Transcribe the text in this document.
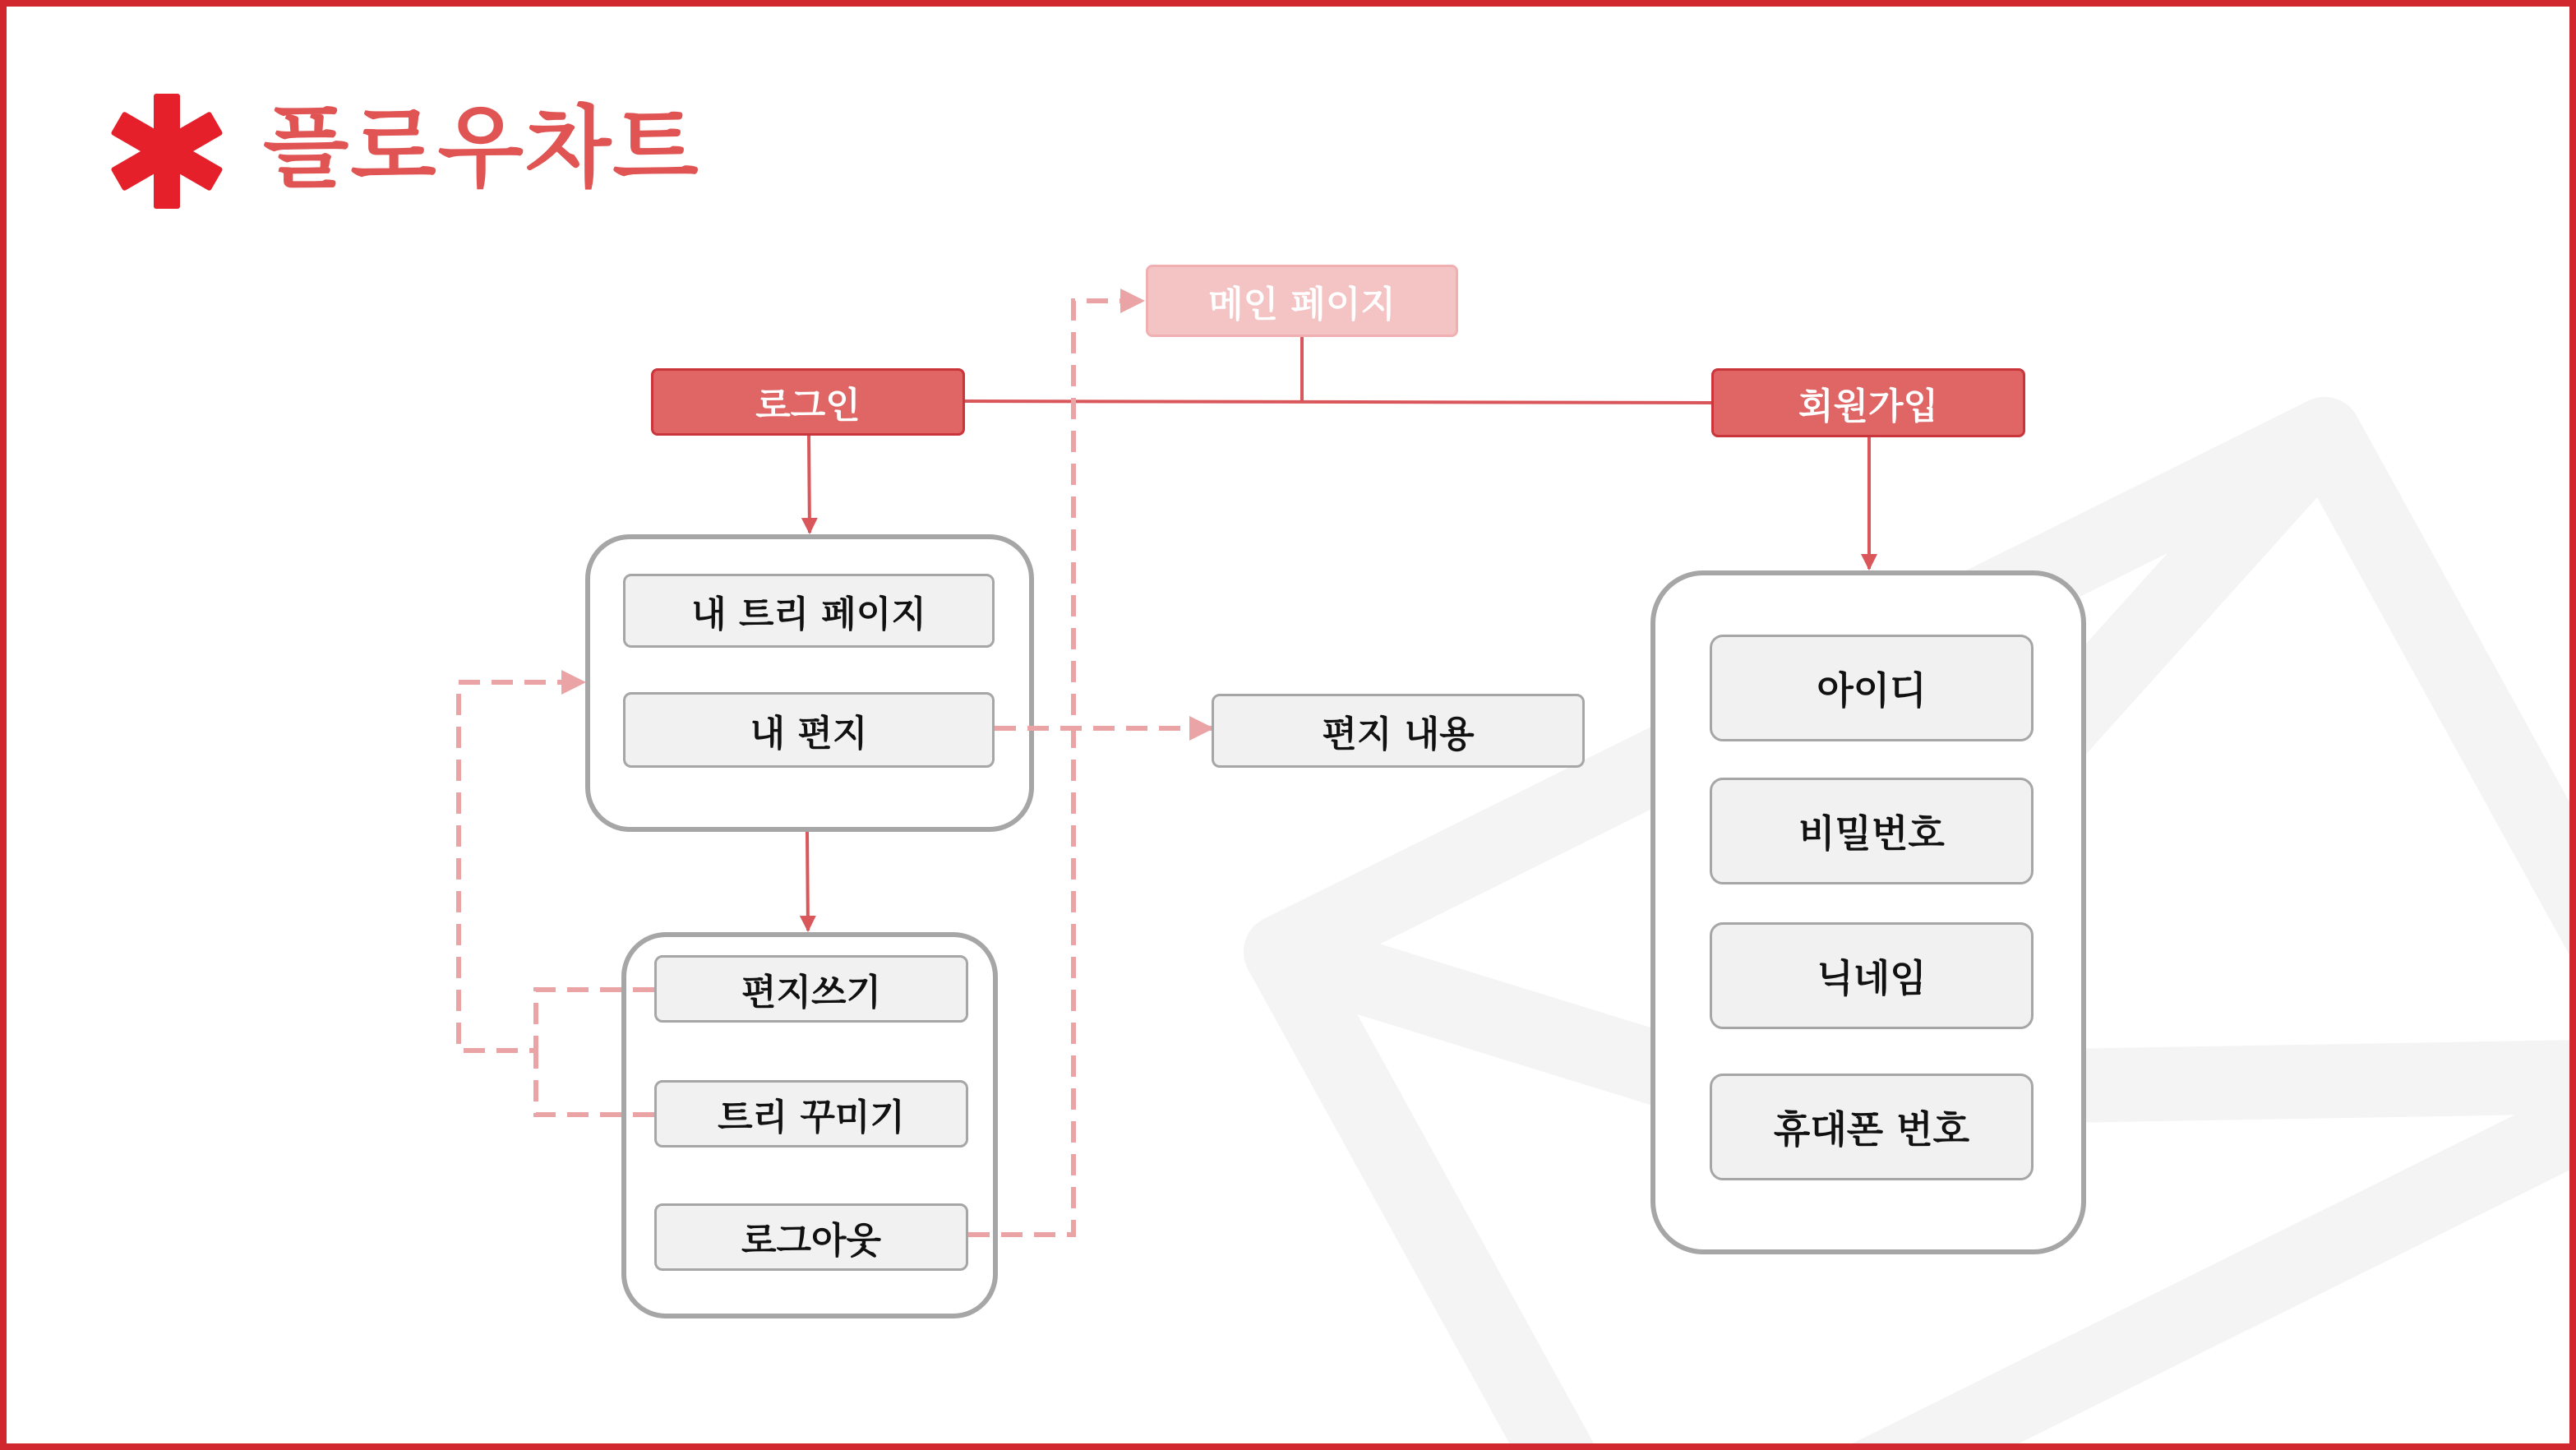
플로우차트
메인 페이지
로그인	회원가입
내 트리 페이지
내 편지	편지 내용
편지쓰기
트리 꾸미기
로그아웃
아이디
비밀번호
닉네임
휴대폰 번호
